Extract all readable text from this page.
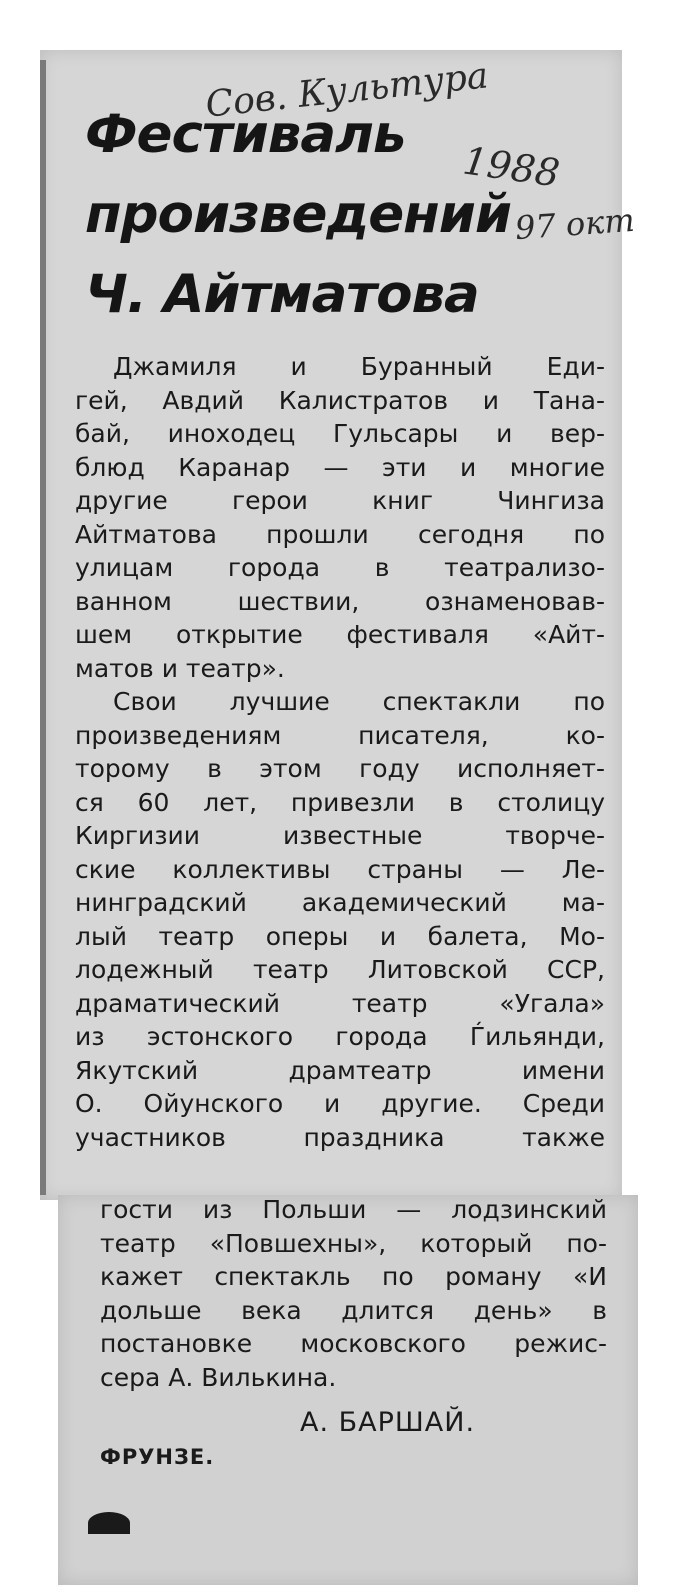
Фестиваль
произведений
Ч. Айтматова
Сов. Культура
1988
97 окт
Джамиля и Буранный Еди-
гей, Авдий Калистратов и Тана-
бай, иноходец Гульсары и вер-
блюд Каранар — эти и многие
другие герои книг Чингиза
Айтматова прошли сегодня по
улицам города в театрализо-
ванном шествии, ознаменовав-
шем открытие фестиваля «Айт-
матов и театр».
Свои лучшие спектакли по
произведениям писателя, ко-
торому в этом году исполняет-
ся 60 лет, привезли в столицу
Киргизии известные творче-
ские коллективы страны — Ле-
нинградский академический ма-
лый театр оперы и балета, Мо-
лодежный театр Литовской ССР,
драматический театр «Угала»
из эстонского города Ѓильянди,
Якутский драмтеатр имени
О. Ойунского и другие. Среди
участников праздника также
гости из Польши — лодзинский
театр «Повшехны», который по-
кажет спектакль по роману «И
дольше века длится день» в
постановке московского режис-
сера А. Вилькина.
А. БАРШАЙ.
ФРУНЗЕ.
